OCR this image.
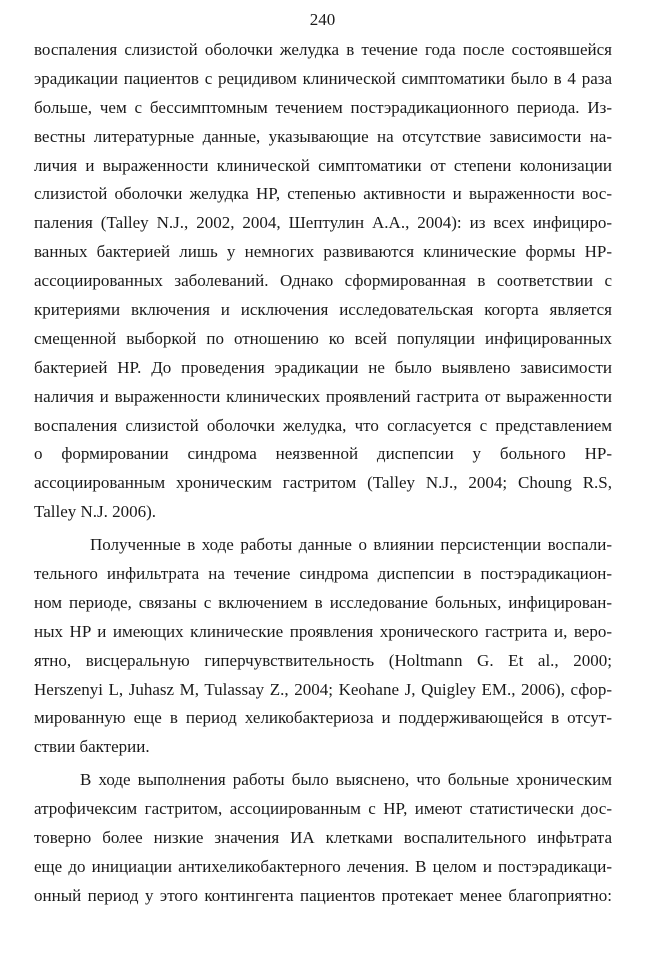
240
воспаления слизистой оболочки желудка в течение года после состоявшейся
эрадикации пациентов с рецидивом клинической симптоматики было в 4 раза
больше, чем с бессимптомным течением постэрадикационного периода. Из-
вестны литературные данные, указывающие на отсутствие зависимости на-
личия и выраженности клинической симптоматики от степени колонизации
слизистой оболочки желудка HP, степенью активности и выраженности вос-
паления (Talley N.J., 2002, 2004, Шептулин А.А., 2004): из всех инфициро-
ванных бактерией лишь у немногих развиваются клинические формы HP-
ассоциированных заболеваний. Однако сформированная в соответствии с
критериями включения и исключения исследовательская когорта является
смещенной выборкой по отношению ко всей популяции инфицированных
бактерией HP. До проведения эрадикации не было выявлено зависимости
наличия и выраженности клинических проявлений гастрита от выраженности
воспаления слизистой оболочки желудка, что согласуется с представлением
о формировании синдрома неязвенной диспепсии у больного HP-
ассоциированным хроническим гастритом (Talley N.J., 2004; Choung R.S,
Talley N.J. 2006).
Полученные в ходе работы данные о влиянии персистенции воспали-
тельного инфильтрата на течение синдрома диспепсии в постэрадикацион-
ном периоде, связаны с включением в исследование больных, инфицирован-
ных HP и имеющих клинические проявления хронического гастрита и, веро-
ятно, висцеральную гиперчувствительность (Holtmann G. Et al., 2000;
Herszenyi L, Juhasz M, Tulassay Z., 2004; Keohane J, Quigley EM., 2006), сфор-
мированную еще в период хеликобактериоза и поддерживающейся в отсут-
ствии бактерии.
В ходе выполнения работы было выяснено, что больные хроническим
атрофичексим гастритом, ассоциированным с HP, имеют статистически дос-
товерно более низкие значения ИА клетками воспалительного инфьтрата
еще до инициации антихеликобактерного лечения. В целом и постэрадикаци-
онный период у этого контингента пациентов протекает менее благоприятно:
